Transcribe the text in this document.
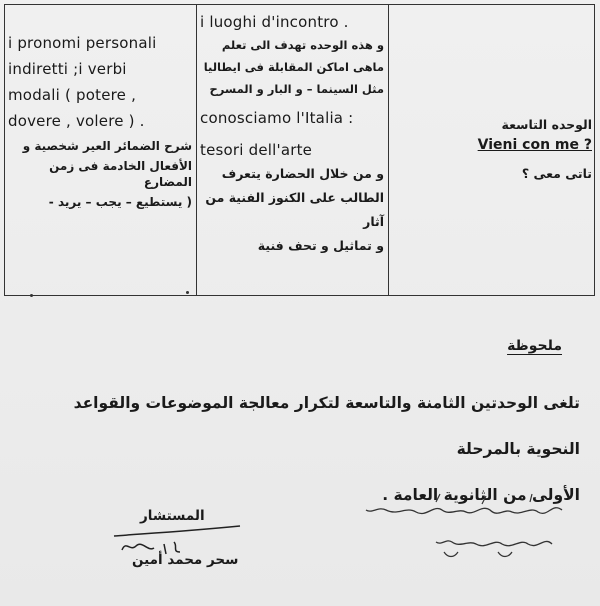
i pronomi personali
indiretti ;i verbi
modali ( potere ,
dovere , volere ) .
شرح الضمائر العير شخصية و
الأفعال الخادمة فى زمن المضارع
( يستطيع – يجب – يريد -
i luoghi d'incontro .
و هذه الوحده تهدف الى تعلم
ماهى اماكن المقابلة فى ايطاليا
مثل السينما – و البار و المسرح
conosciamo l'Italia :
tesori dell'arte
و من خلال الحضارة يتعرف
الطالب على الكنوز الفنية من آثار
و تماثيل و تحف فنية
الوحده التاسعة
Vieni con me ?
تاتى معى ؟
ملحوظة
تلغى الوحدتين الثامنة والتاسعة لتكرار معالجة الموضوعات والقواعد النحوية بالمرحلة
الأولى من الثانوية العامة .
المستشار
سحر محمد أمين
